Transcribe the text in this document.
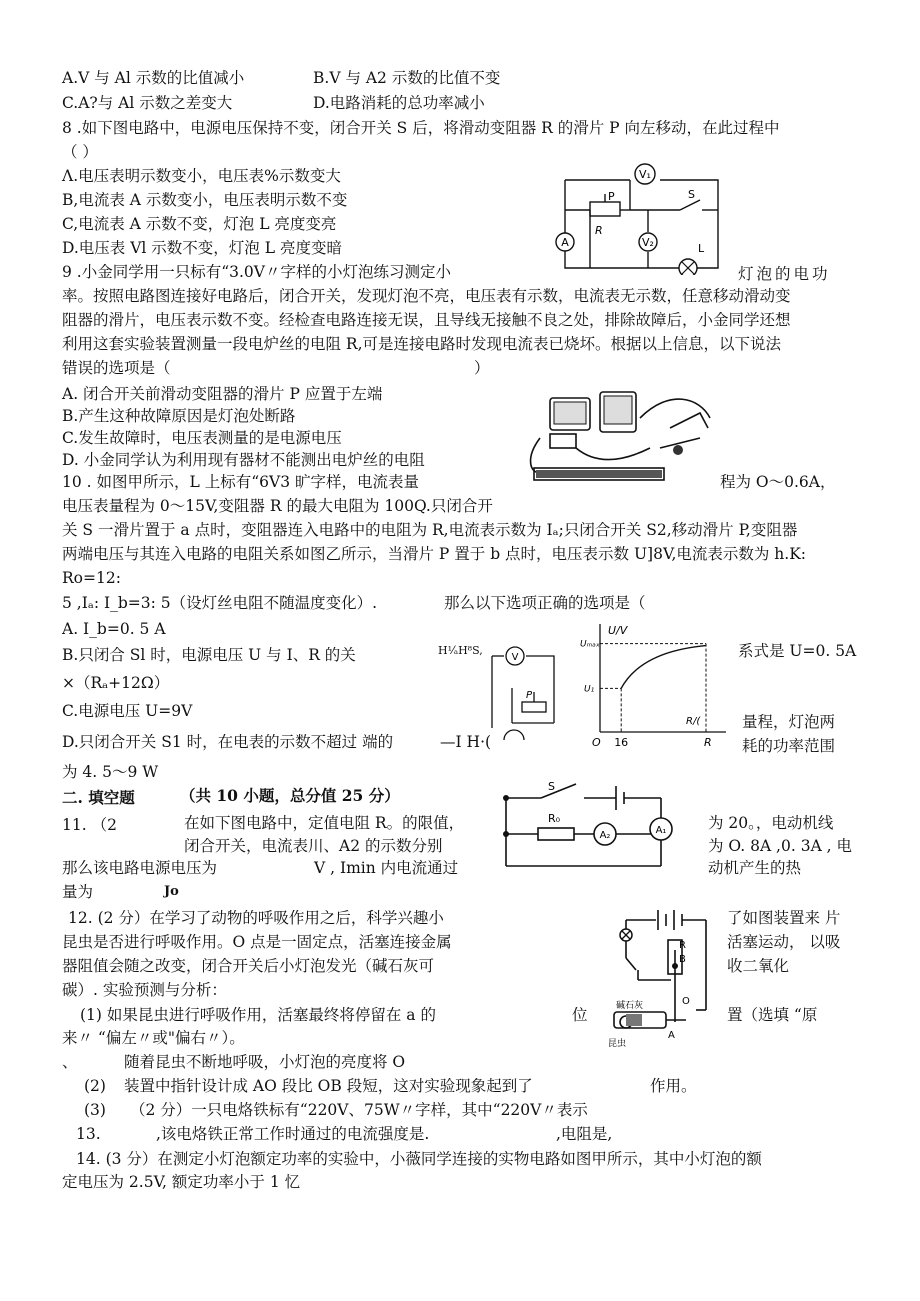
A.V 与 Al 示数的比值减小	B.V 与 A2 示数的比值不变
C.A?与 Al 示数之差变大	D.电路消耗的总功率减小
8 .如下图电路中，电源电压保持不变，闭合开关 S 后，将滑动变阻器 R 的滑片 P 向左移动，在此过程中
（ ）
Λ.电压表明示数变小，电压表%示数变大
B,电流表 A 示数变小，电压表明示数不变
C,电流表 A 示数不变，灯泡 L 亮度变亮
D.电压表 Vl 示数不变，灯泡 L 亮度变暗
V₁
A	V₂
P
R
S
L
9 .小金同学用一只标有“3.0V〃字样的小灯泡练习测定小	灯泡的电功
率。按照电路图连接好电路后，闭合开关，发现灯泡不亮，电压表有示数，电流表无示数，任意移动滑动变
阻器的滑片，电压表示数不变。经检查电路连接无误，且导线无接触不良之处，排除故障后，小金同学还想
利用这套实验装置测量一段电炉丝的电阻 R,可是连接电路时发现电流表已烧坏。根据以上信息，以下说法
错误的选项是（	）
A. 闭合开关前滑动变阻器的滑片 P 应置于左端
B.产生这种故障原因是灯泡处断路
C.发生故障时，电压表测量的是电源电压
D. 小金同学认为利用现有器材不能测出电炉丝的电阻
10 . 如图甲所示，L 上标有“6V3 旷字样，电流表量	程为 O〜0.6A，
电压表量程为 0〜15V,变阻器 R 的最大电阻为 100Q.只闭合开
关 S 一滑片置于 a 点时，变阻器连入电路中的电阻为 R,电流表示数为 Iₐ;只闭合开关 S2,移动滑片 P,变阻器
两端电压与其连入电路的电阻关系如图乙所示，当滑片 P 置于 b 点时，电压表示数 U]8V,电流表示数为 h.K:
Ro=12:
5 ,Iₐ: I_b=3: 5（设灯丝电阻不随温度变化）.	那么以下选项正确的选项是（
A. I_b=0. 5 A
B.只闭合 Sl 时，电源电压 U 与 I、R 的关	系式是 U=0. 5A
×（Rₐ+12Ω）
C.电源电压 U=9V
D.只闭合开关 S1 时，在电表的示数不超过 端的	—I H·(
量程，灯泡两
耗的功率范围
为 4. 5〜9 W
H¹⁄ₐH⁸S,
V
P
U/V
Uₘₐₓ
U₁
O 16	R
R/(
二. 填空题	（共 10 小题，总分值 25 分）
11. （2	在如下图电路中，定值电阻 R。的限值，	为 20。，电动机线
闭合开关，电流表川、A2 的示数分别	为 O. 8A ,0. 3A , 电
那么该电路电源电压为	V , Imin 内电流通过	动机产生的热
量为	Jo
S
R₀
A₁
A₂
12. (2 分）在学习了动物的呼吸作用之后，科学兴趣小	了如图装置来 片
昆虫是否进行呼吸作用。O 点是一固定点，活塞连接金属	活塞运动， 以吸
器阻值会随之改变，闭合开关后小灯泡发光（碱石灰可	收二氧化
碳）. 实验预测与分析：
(1) 如果昆虫进行呼吸作用，活塞最终将停留在 a 的	位	置（选填 “原
来〃 “偏左〃或"偏右〃）。
、	随着昆虫不断地呼吸，小灯泡的亮度将 O
(2) 装置中指针设计成 AO 段比 OB 段短，这对实验现象起到了	作用。
(3) （2 分）一只电烙铁标有“220V、75W〃字样，其中“220V〃表示
R
B
O
A
碱石灰
昆虫
13.	,该电烙铁正常工作时通过的电流强度是.	,电阻是,
14. (3 分）在测定小灯泡额定功率的实验中，小薇同学连接的实物电路如图甲所示，其中小灯泡的额
定电压为 2.5V, 额定功率小于 1 忆
